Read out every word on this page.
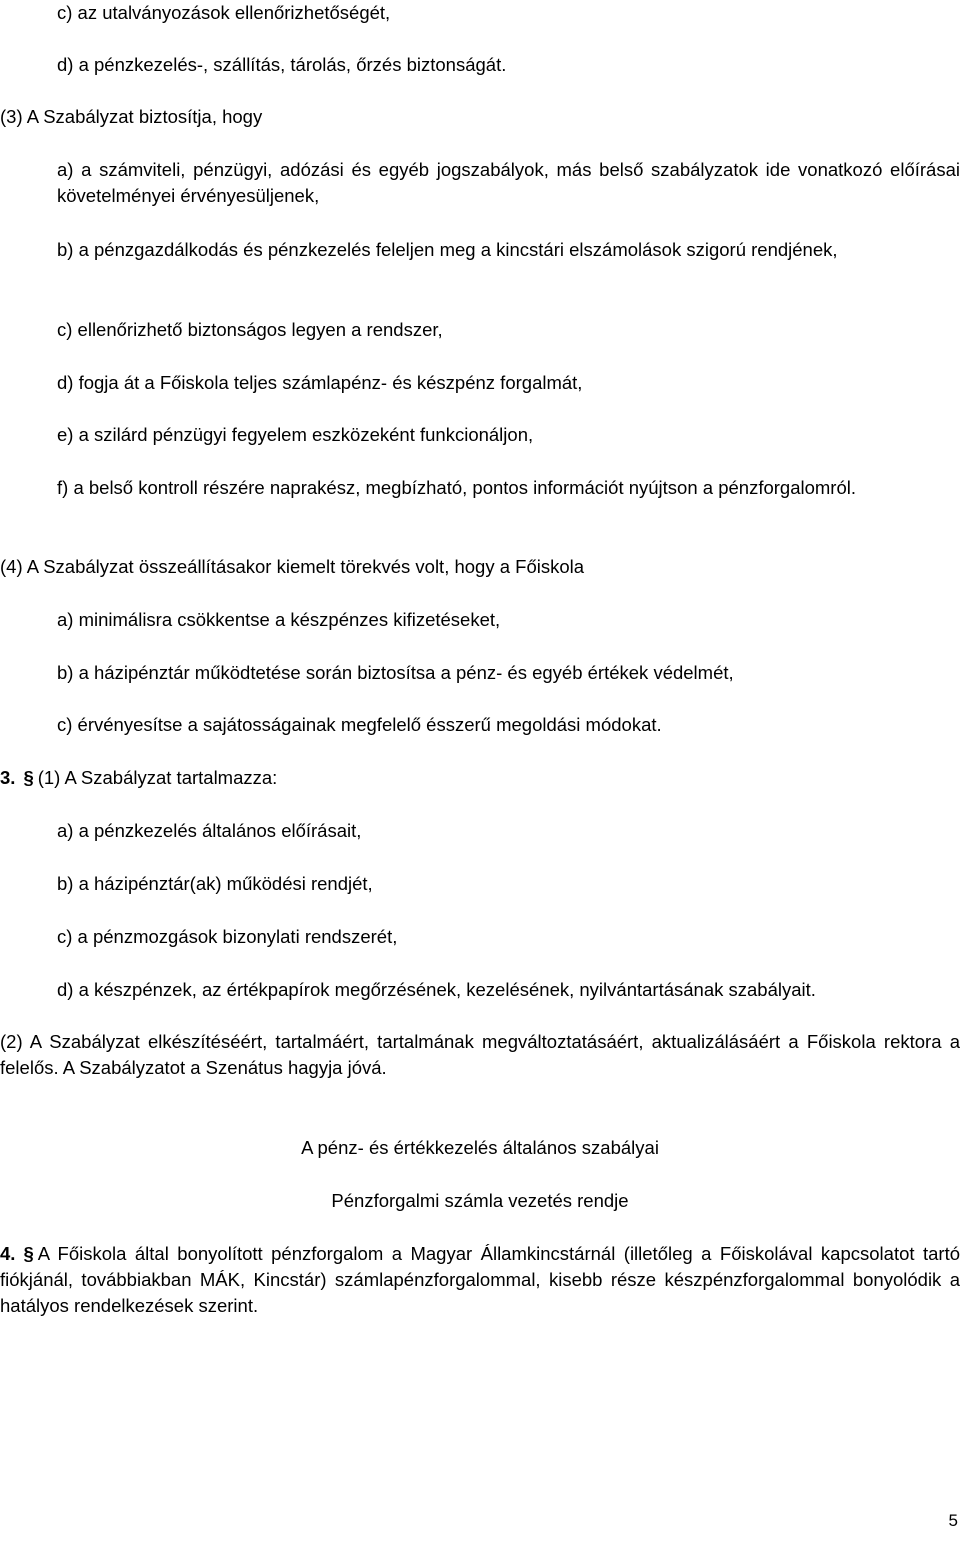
c) az utalványozások ellenőrizhetőségét,

d) a pénzkezelés-, szállítás, tárolás, őrzés biztonságát.

(3) A Szabályzat biztosítja, hogy

a) a számviteli, pénzügyi, adózási és egyéb jogszabályok, más belső szabályzatok ide vonatkozó előírásai követelményei érvényesüljenek,

b) a pénzgazdálkodás és pénzkezelés feleljen meg a kincstári elszámolások szigorú rendjének,

c) ellenőrizhető biztonságos legyen a rendszer,

d) fogja át a Főiskola teljes számlapénz- és készpénz forgalmát,

e) a szilárd pénzügyi fegyelem eszközeként funkcionáljon,

f) a belső kontroll részére naprakész, megbízható, pontos információt nyújtson a pénzforgalomról.

(4) A Szabályzat összeállításakor kiemelt törekvés volt, hogy a Főiskola

a) minimálisra csökkentse a készpénzes kifizetéseket,

b) a házipénztár működtetése során biztosítsa a pénz- és egyéb értékek védelmét,

c) érvényesítse a sajátosságainak megfelelő ésszerű megoldási módokat.

3. § (1) A Szabályzat tartalmazza:

a) a pénzkezelés általános előírásait,

b) a házipénztár(ak) működési rendjét,

c) a pénzmozgások bizonylati rendszerét,

d) a készpénzek, az értékpapírok megőrzésének, kezelésének, nyilvántartásának szabályait.

(2) A Szabályzat elkészítéséért, tartalmáért, tartalmának megváltoztatásáért, aktualizálásáért a Főiskola rektora a felelős. A Szabályzatot a Szenátus hagyja jóvá.

A pénz- és értékkezelés általános szabályai

Pénzforgalmi számla vezetés rendje

4. § A Főiskola által bonyolított pénzforgalom a Magyar Államkincstárnál (illetőleg a Főiskolával kapcsolatot tartó fiókjánál, továbbiakban MÁK, Kincstár) számlapénzforgalommal, kisebb része készpénzforgalommal bonyolódik a hatályos rendelkezések szerint.

5
